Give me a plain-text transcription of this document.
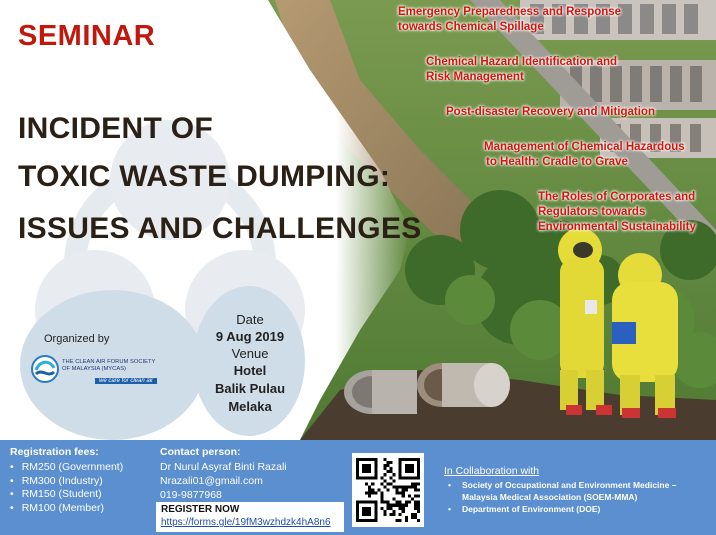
SEMINAR
INCIDENT OF
TOXIC WASTE DUMPING:
ISSUES AND CHALLENGES
Emergency Preparedness and Response
towards Chemical Spillage
Chemical Hazard Identification and
Risk Management
Post-disaster Recovery and Mitigation
Management of Chemical Hazardous
to Health: Cradle to Grave
The Roles of Corporates and
Regulators towards
Environmental Sustainability
Organized by
THE CLEAN AIR FORUM SOCIETY
OF MALAYSIA (MYCAS)
we care for clean air
Date
9 Aug 2019
Venue
Hotel
Balik Pulau
Melaka
Registration fees:
• RM250 (Government)
• RM300 (Industry)
• RM150 (Student)
• RM100 (Member)
Contact person:
Dr Nurul Asyraf Binti Razali
Nrazali01@gmail.com
019-9877968
REGISTER NOW
https://forms.gle/19fM3wzhdzk4hA8n6
In Collaboration with
• Society of Occupational and Environment Medicine – Malaysia Medical Association (SOEM-MMA)
• Department of Environment (DOE)
